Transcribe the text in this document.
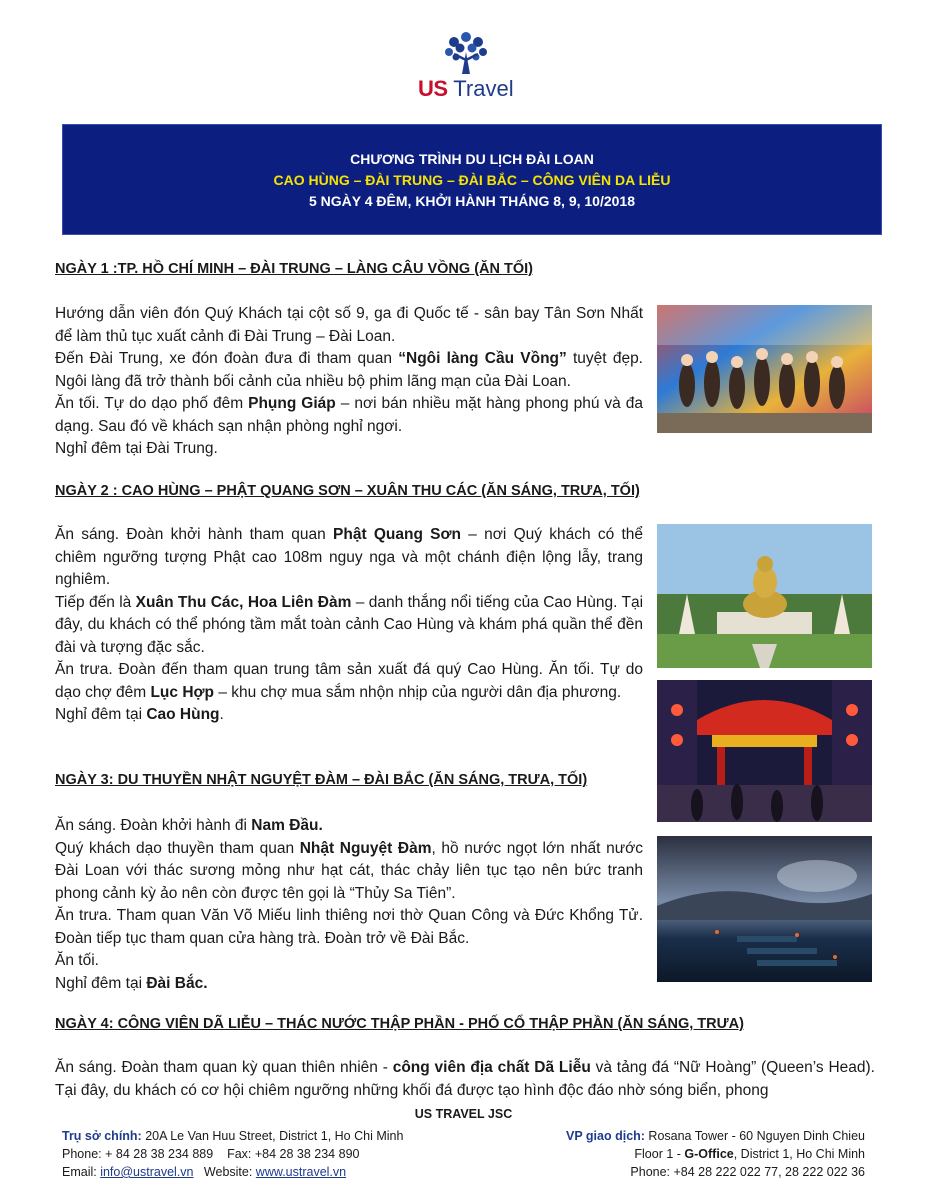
US Travel
CHƯƠNG TRÌNH DU LỊCH ĐÀI LOAN
CAO HÙNG – ĐÀI TRUNG – ĐÀI BẮC – CÔNG VIÊN DA LIỄU
5 NGÀY 4 ĐÊM, KHỞI HÀNH THÁNG 8, 9, 10/2018
NGÀY 1 :TP. HỒ CHÍ MINH – ĐÀI TRUNG – LÀNG CÂU VỒNG (ĂN TỐI)

Hướng dẫn viên đón Quý Khách tại cột số 9, ga đi Quốc tế - sân bay Tân Sơn Nhất để làm thủ tục xuất cảnh đi Đài Trung – Đài Loan.

Đến Đài Trung, xe đón đoàn đưa đi tham quan “Ngôi làng Cầu Vồng” tuyệt đẹp. Ngôi làng đã trở thành bối cảnh của nhiều bộ phim lãng mạn của Đài Loan.

Ăn tối. Tự do dạo phố đêm Phụng Giáp – nơi bán nhiều mặt hàng phong phú và đa dạng. Sau đó về khách sạn nhận phòng nghỉ ngơi.

Nghỉ đêm tại Đài Trung.

NGÀY 2 : CAO HÙNG – PHẬT QUANG SƠN – XUÂN THU CÁC (ĂN SÁNG, TRƯA, TỐI)

Ăn sáng. Đoàn khởi hành tham quan Phật Quang Sơn – nơi Quý khách có thể chiêm ngưỡng tượng Phật cao 108m nguy nga và một chánh điện lộng lẫy, trang nghiêm.

Tiếp đến là Xuân Thu Các, Hoa Liên Đàm – danh thắng nổi tiếng của Cao Hùng. Tại đây, du khách có thể phóng tầm mắt toàn cảnh Cao Hùng và khám phá quần thể đền đài và tượng đặc sắc.

Ăn trưa. Đoàn đến tham quan trung tâm sản xuất đá quý Cao Hùng. Ăn tối. Tự do dạo chợ đêm Lục Hợp – khu chợ mua sắm nhộn nhịp của người dân địa phương.

Nghỉ đêm tại Cao Hùng.

NGÀY 3: DU THUYỀN NHẬT NGUYỆT ĐÀM – ĐÀI BẮC (ĂN SÁNG, TRƯA, TỐI)

Ăn sáng. Đoàn khởi hành đi Nam Đầu.

Quý khách dạo thuyền tham quan Nhật Nguyệt Đàm, hồ nước ngọt lớn nhất nước Đài Loan với thác sương mỏng như hạt cát, thác chảy liên tục tạo nên bức tranh phong cảnh kỳ ảo nên còn được tên gọi là “Thủy Sa Tiên”.

Ăn trưa. Tham quan Văn Võ Miếu linh thiêng nơi thờ Quan Công và Đức Khổng Tử. Đoàn tiếp tục tham quan cửa hàng trà. Đoàn trở về Đài Bắc.

Ăn tối.

Nghỉ đêm tại Đài Bắc.

NGÀY 4: CÔNG VIÊN DÃ LIỄU – THÁC NƯỚC THẬP PHẦN - PHỐ CỔ THẬP PHẦN (ĂN SÁNG, TRƯA)

Ăn sáng. Đoàn tham quan kỳ quan thiên nhiên - công viên địa chất Dã Liễu và tảng đá “Nữ Hoàng” (Queen’s Head). Tại đây, du khách có cơ hội chiêm ngưỡng những khối đá được tạo hình độc đáo nhờ sóng biển, phong

US TRAVEL JSC
Trụ sở chính: 20A Le Van Huu Street, District 1, Ho Chi Minh
Phone: + 84 28 38 234 889    Fax: +84 28 38 234 890
Email: info@ustravel.vn   Website: www.ustravel.vn
VP giao dịch: Rosana Tower - 60 Nguyen Dinh Chieu
Floor 1 - G-Office, District 1, Ho Chi Minh
Phone: +84 28 222 022 77, 28 222 022 36
